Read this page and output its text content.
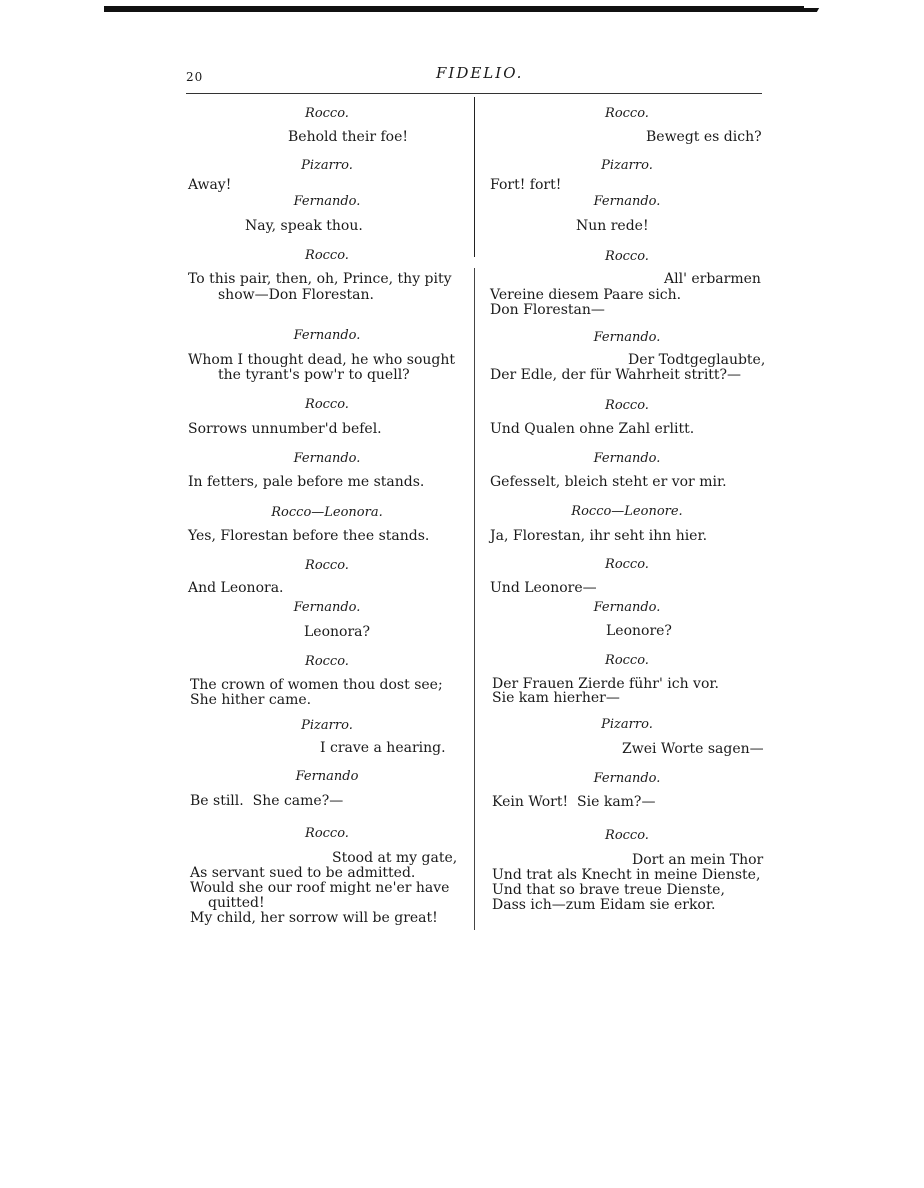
20	FIDELIO.
Rocco.
Behold their foe!
Pizarro.
Away!
Fernando.
Nay, speak thou.
Rocco.
To this pair, then, oh, Prince, thy pity
show—Don Florestan.
Fernando.
Whom I thought dead, he who sought
the tyrant's pow'r to quell?
Rocco.
Sorrows unnumber'd befel.
Fernando.
In fetters, pale before me stands.
Rocco—Leonora.
Yes, Florestan before thee stands.
Rocco.
And Leonora.
Fernando.
Leonora?
Rocco.
The crown of women thou dost see;
She hither came.
Pizarro.
I crave a hearing.
Fernando
Be still.  She came?—
Rocco.
Stood at my gate,
As servant sued to be admitted.
Would she our roof might ne'er have
quitted!
My child, her sorrow will be great!
Rocco.
Bewegt es dich?
Pizarro.
Fort! fort!
Fernando.
Nun rede!
Rocco.
All' erbarmen
Vereine diesem Paare sich.
Don Florestan—
Fernando.
Der Todtgeglaubte,
Der Edle, der für Wahrheit stritt?—
Rocco.
Und Qualen ohne Zahl erlitt.
Fernando.
Gefesselt, bleich steht er vor mir.
Rocco—Leonore.
Ja, Florestan, ihr seht ihn hier.
Rocco.
Und Leonore—
Fernando.
Leonore?
Rocco.
Der Frauen Zierde führ' ich vor.
Sie kam hierher—
Pizarro.
Zwei Worte sagen—
Fernando.
Kein Wort!  Sie kam?—
Rocco.
Dort an mein Thor
Und trat als Knecht in meine Dienste,
Und that so brave treue Dienste,
Dass ich—zum Eidam sie erkor.
